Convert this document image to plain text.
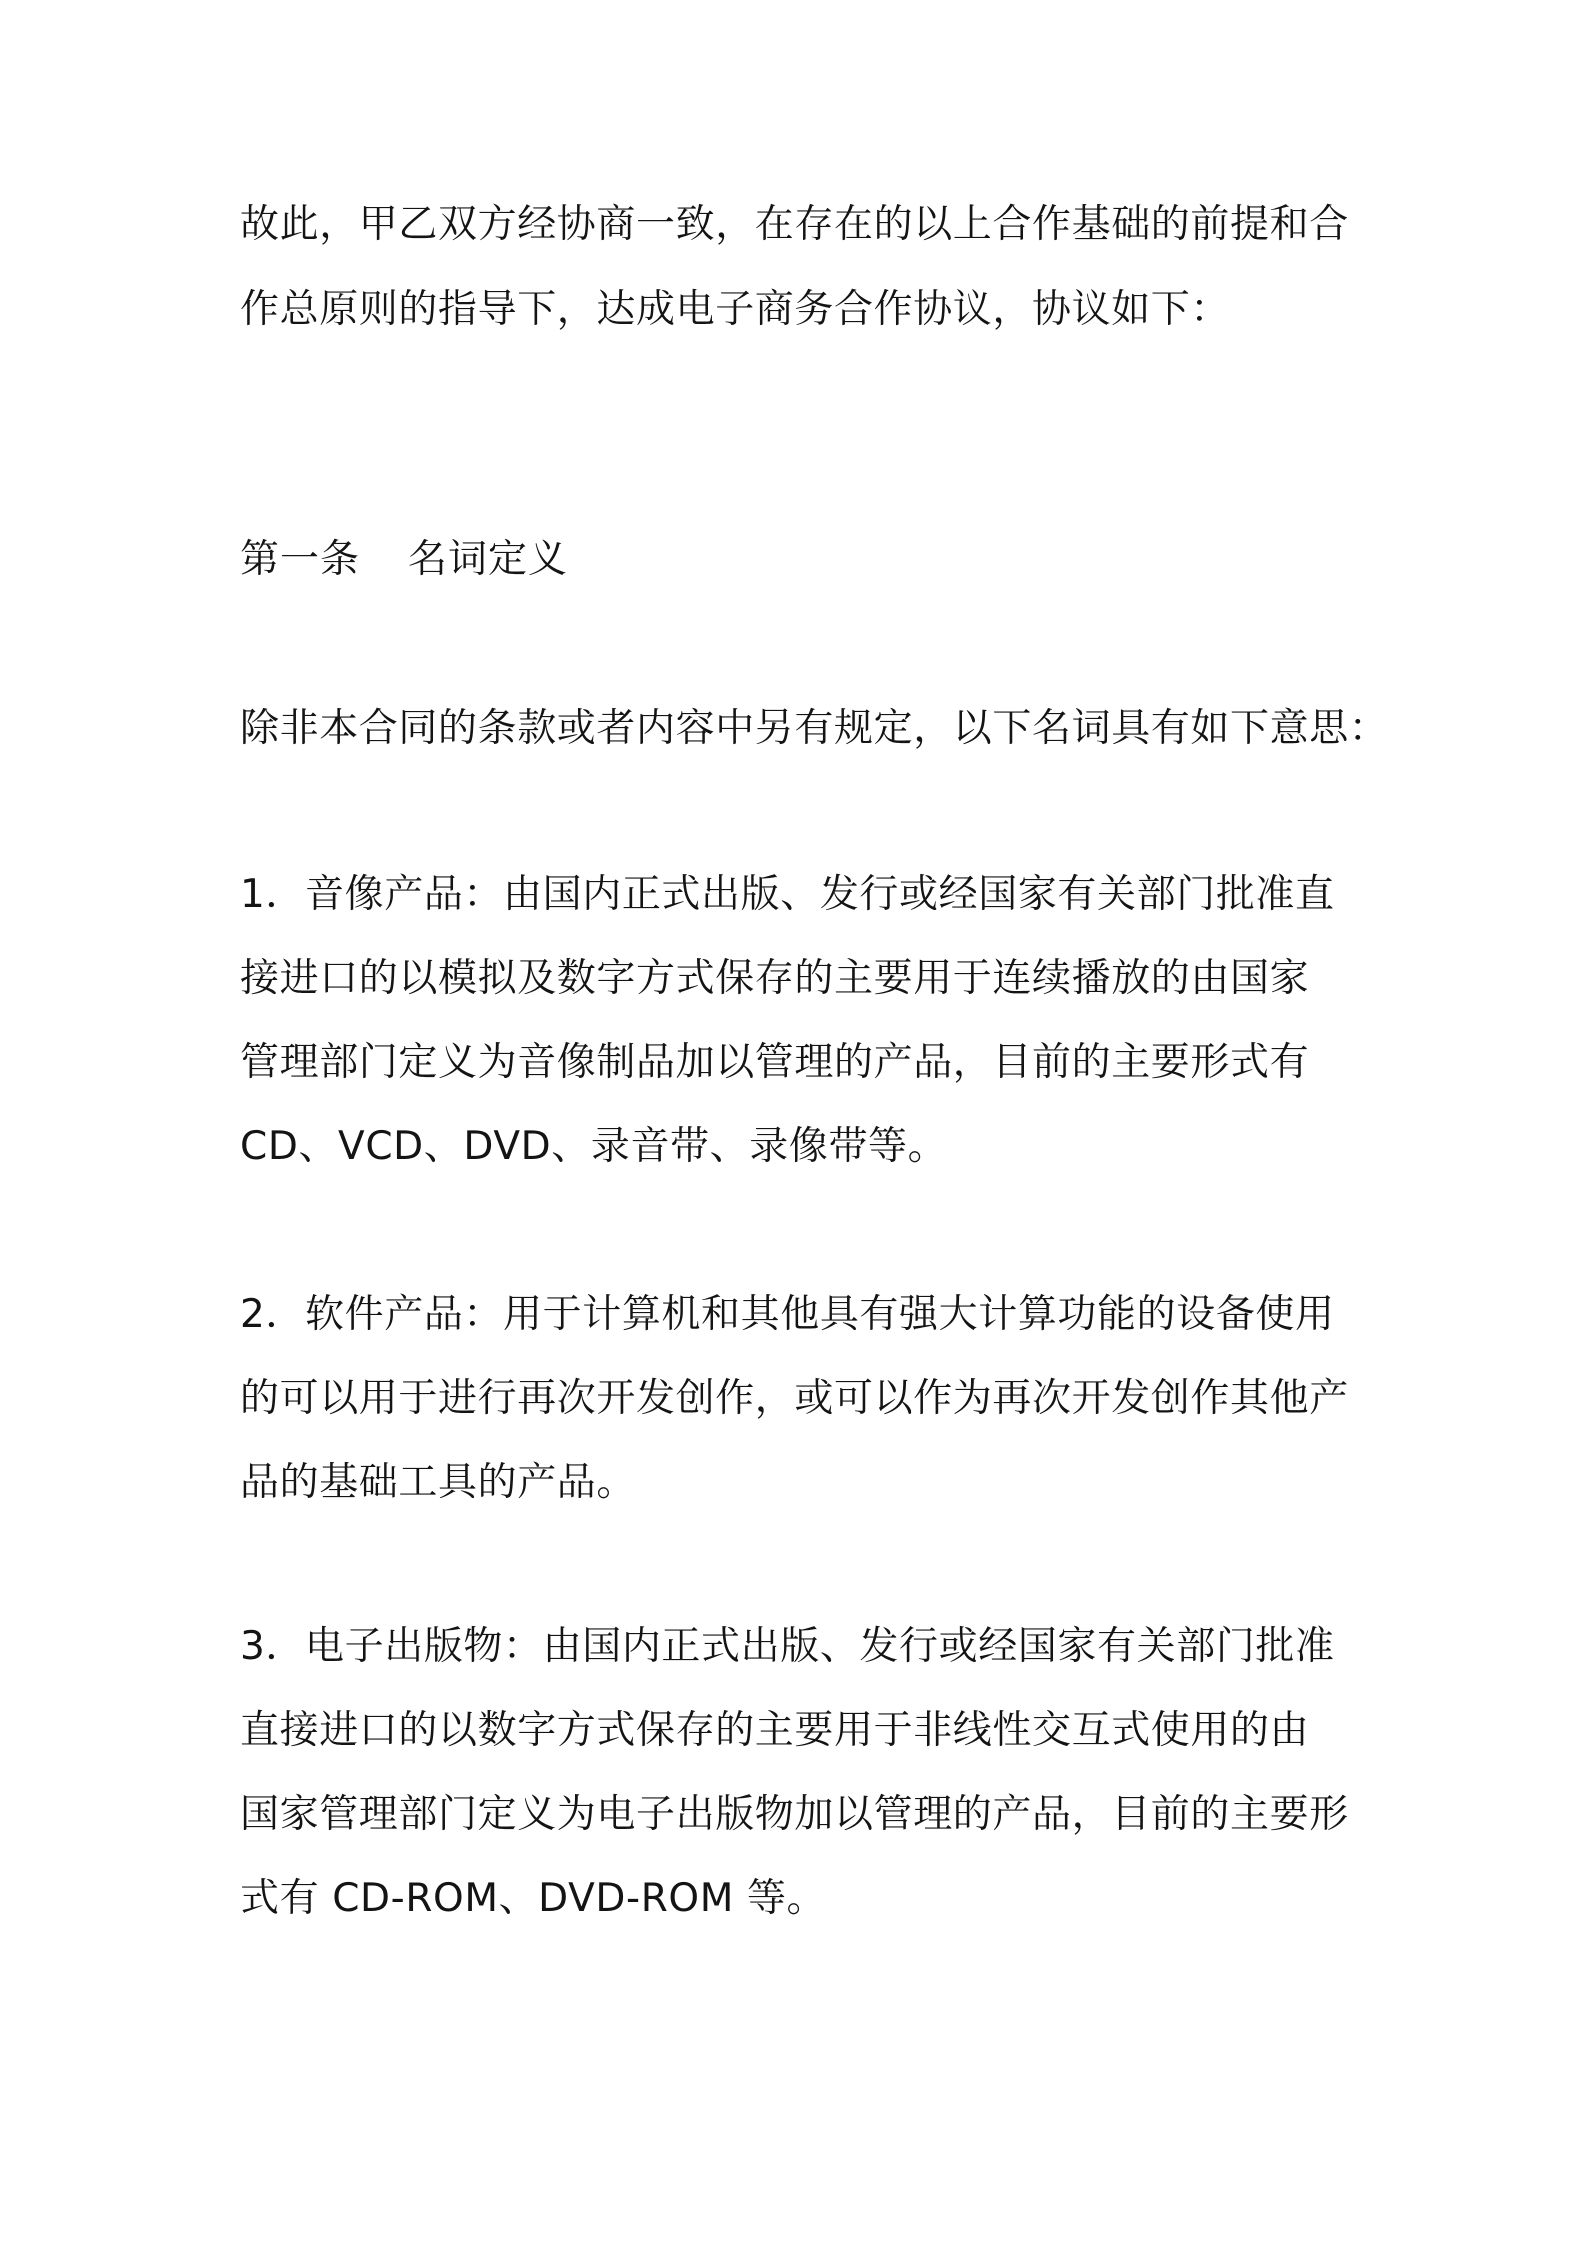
故此，甲乙双方经协商一致，在存在的以上合作基础的前提和合
作总原则的指导下，达成电子商务合作协议，协议如下：
第一条 名词定义
除非本合同的条款或者内容中另有规定，以下名词具有如下意思：
1．音像产品：由国内正式出版、发行或经国家有关部门批准直
接进口的以模拟及数字方式保存的主要用于连续播放的由国家
管理部门定义为音像制品加以管理的产品，目前的主要形式有
CD、VCD、DVD、录音带、录像带等。
2．软件产品：用于计算机和其他具有强大计算功能的设备使用
的可以用于进行再次开发创作，或可以作为再次开发创作其他产
品的基础工具的产品。
3．电子出版物：由国内正式出版、发行或经国家有关部门批准
直接进口的以数字方式保存的主要用于非线性交互式使用的由
国家管理部门定义为电子出版物加以管理的产品，目前的主要形
式有 CD-ROM、DVD-ROM 等。
